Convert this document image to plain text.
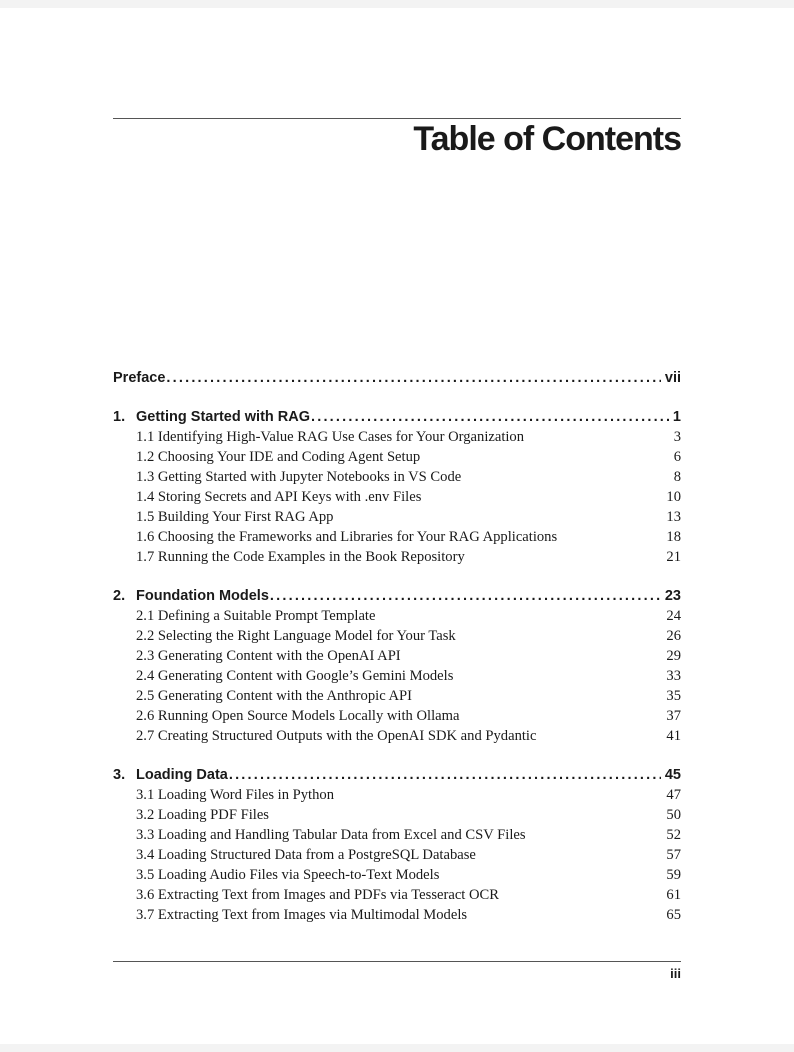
Table of Contents
Preface .....	vii
1. Getting Started with RAG .....	1
1.1 Identifying High-Value RAG Use Cases for Your Organization	3
1.2 Choosing Your IDE and Coding Agent Setup	6
1.3 Getting Started with Jupyter Notebooks in VS Code	8
1.4 Storing Secrets and API Keys with .env Files	10
1.5 Building Your First RAG App	13
1.6 Choosing the Frameworks and Libraries for Your RAG Applications	18
1.7 Running the Code Examples in the Book Repository	21
2. Foundation Models .....	23
2.1 Defining a Suitable Prompt Template	24
2.2 Selecting the Right Language Model for Your Task	26
2.3 Generating Content with the OpenAI API	29
2.4 Generating Content with Google’s Gemini Models	33
2.5 Generating Content with the Anthropic API	35
2.6 Running Open Source Models Locally with Ollama	37
2.7 Creating Structured Outputs with the OpenAI SDK and Pydantic	41
3. Loading Data .....	45
3.1 Loading Word Files in Python	47
3.2 Loading PDF Files	50
3.3 Loading and Handling Tabular Data from Excel and CSV Files	52
3.4 Loading Structured Data from a PostgreSQL Database	57
3.5 Loading Audio Files via Speech-to-Text Models	59
3.6 Extracting Text from Images and PDFs via Tesseract OCR	61
3.7 Extracting Text from Images via Multimodal Models	65
iii
